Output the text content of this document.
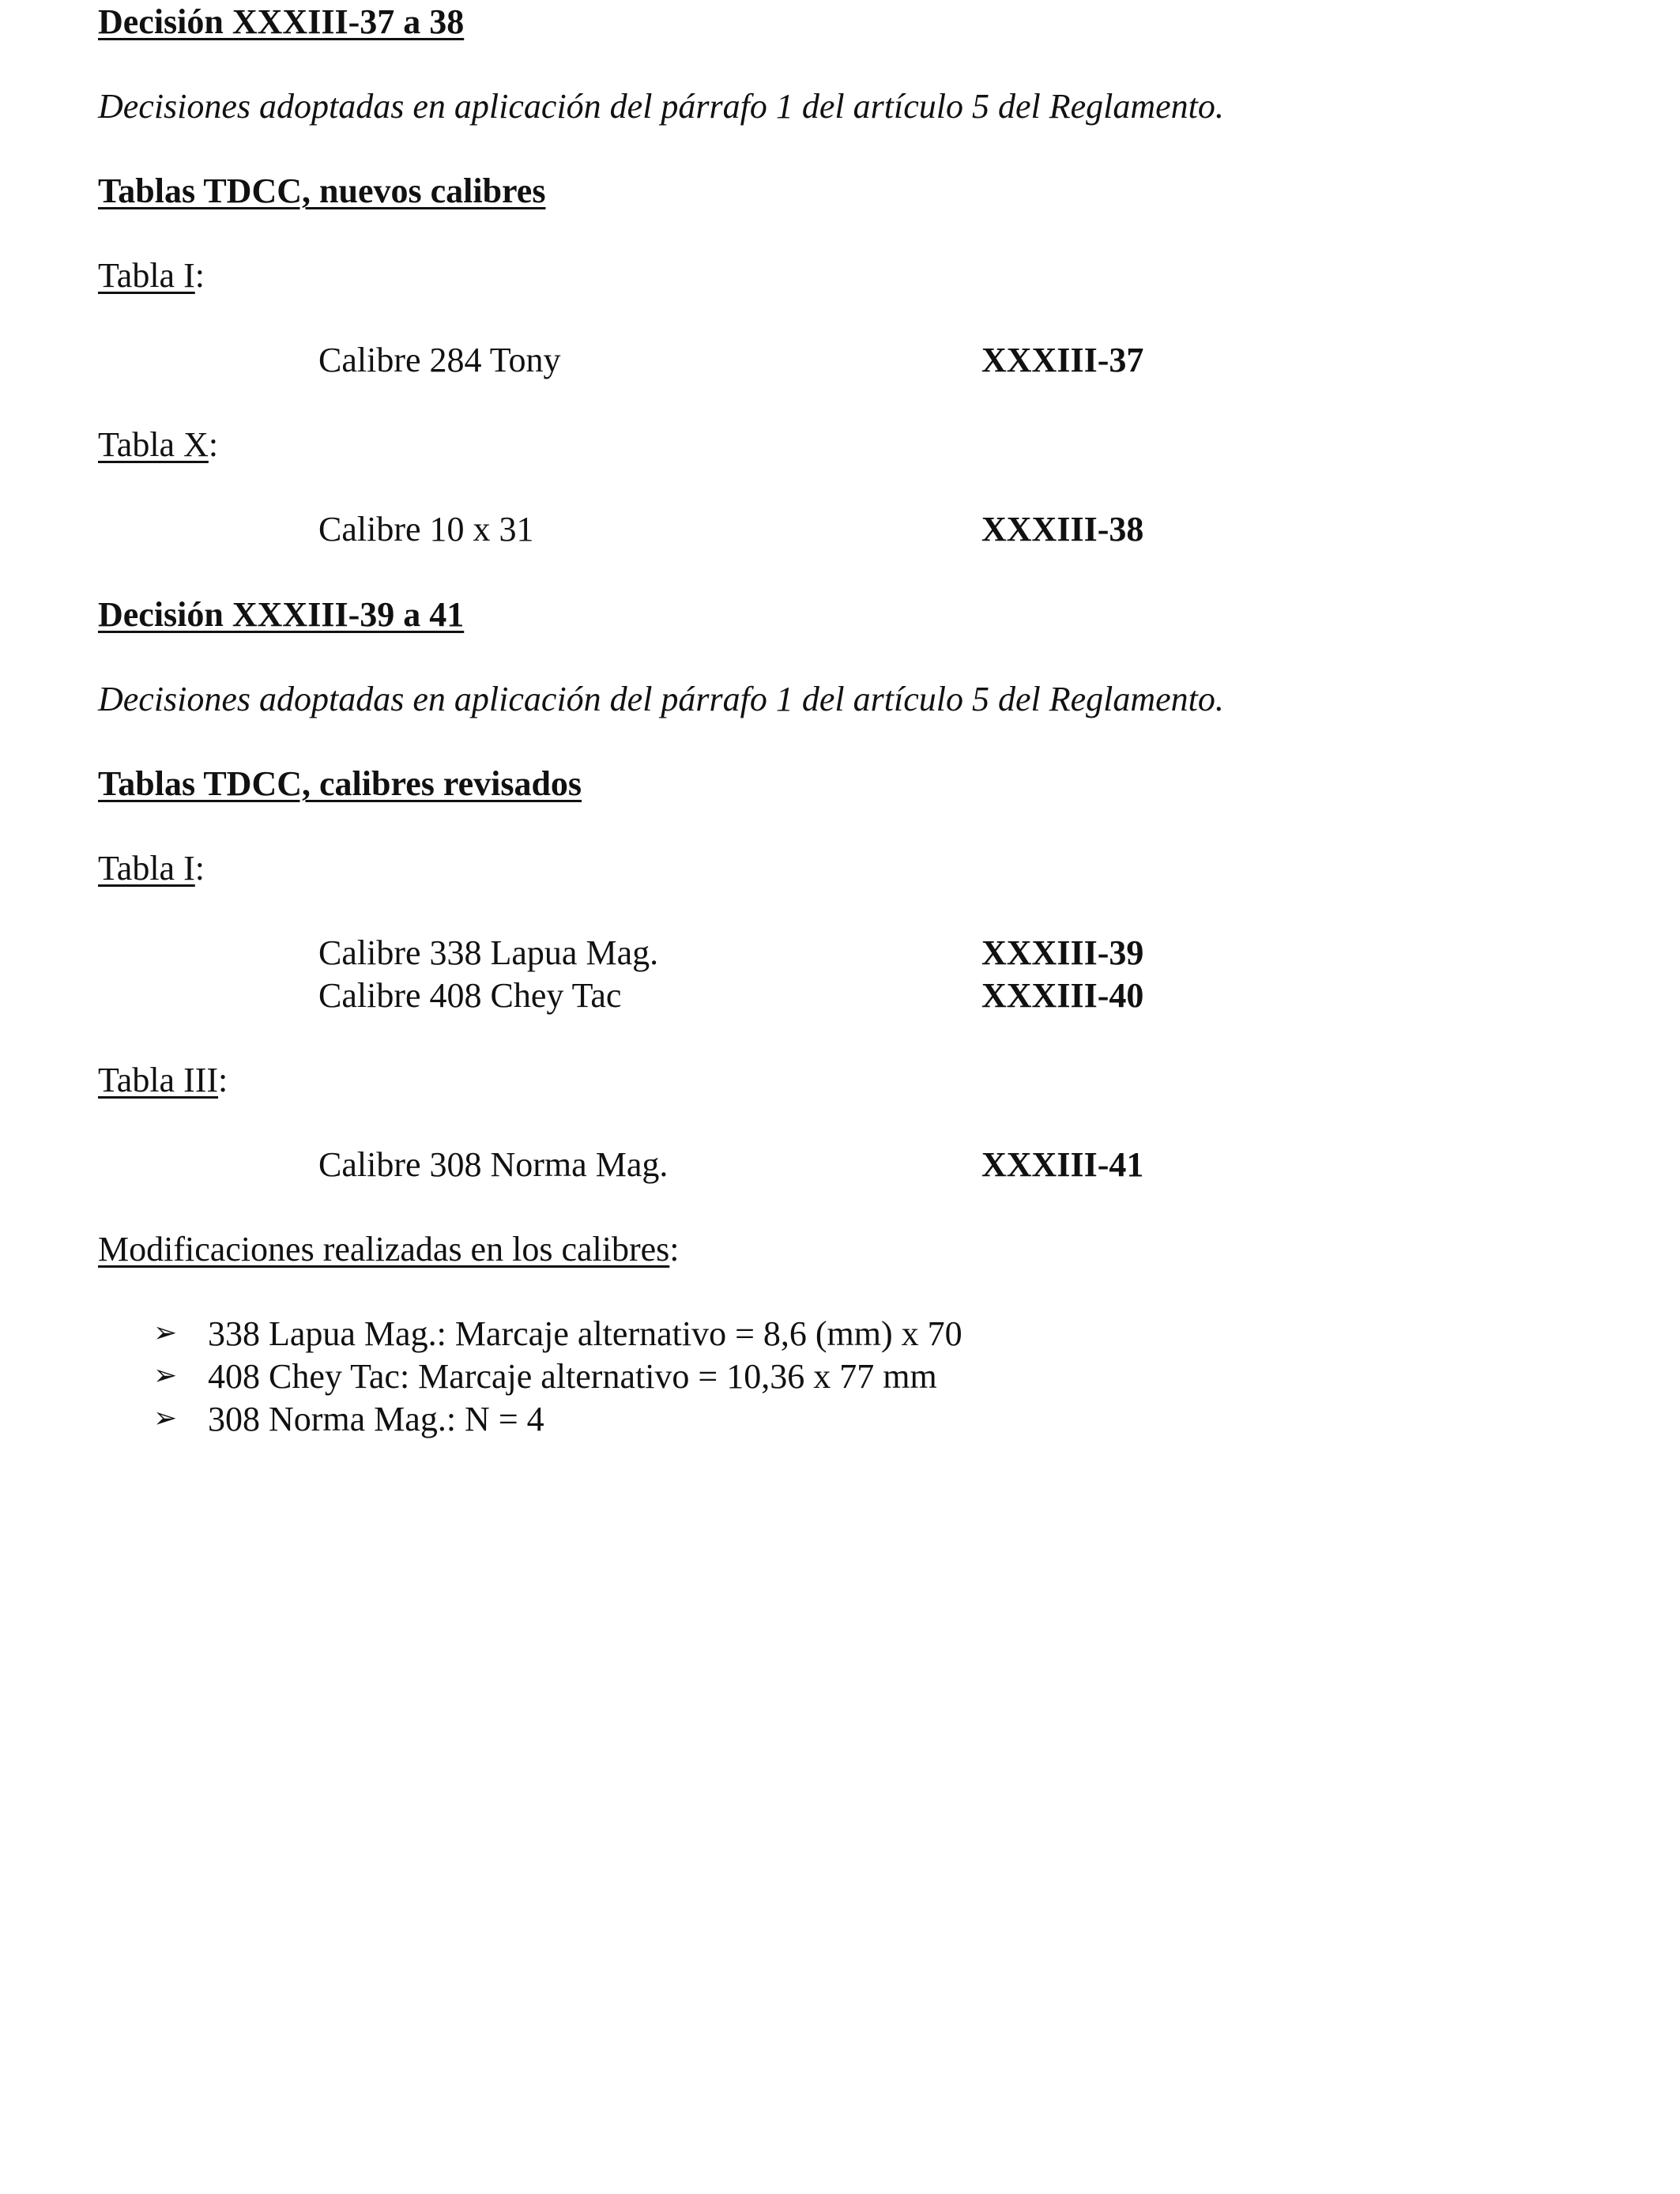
Decisión XXXIII-37 a 38
Decisiones adoptadas en aplicación del párrafo 1 del artículo 5 del Reglamento.
Tablas TDCC, nuevos calibres
Tabla I:
Calibre 284 Tony	XXXIII-37
Tabla X:
Calibre 10 x 31	XXXIII-38
Decisión XXXIII-39 a 41
Decisiones adoptadas en aplicación del párrafo 1 del artículo 5 del Reglamento.
Tablas TDCC, calibres revisados
Tabla I:
Calibre 338 Lapua Mag.	XXXIII-39
Calibre 408 Chey Tac	XXXIII-40
Tabla III:
Calibre 308 Norma Mag.	XXXIII-41
Modificaciones realizadas en los calibres:
➢ 338 Lapua Mag.: Marcaje alternativo = 8,6 (mm) x 70
➢ 408 Chey Tac: Marcaje alternativo = 10,36 x 77 mm
➢ 308 Norma Mag.: N = 4
